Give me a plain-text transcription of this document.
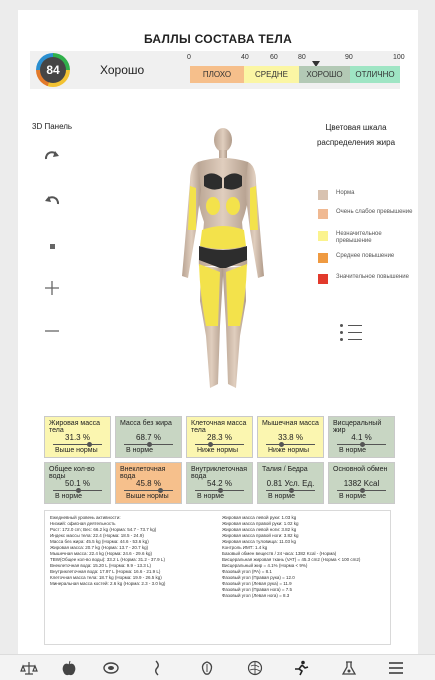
БАЛЛЫ СОСТАВА ТЕЛА
84	Хорошо
0	40	60	80	90	100
ПЛОХО	СРЕДНЕ ХОРОШО ОТЛИЧНО
3D Панель	Цветовая шкала распределения жира
Норма
Очень слабое превышение
Незначительное превышение
Среднее повышение
Значительное повышение
Жировая масса тела
31.3 %
Выше нормы
Масса без жира
68.7 %
В норме
Клеточная масса тела
28.3 %
Ниже нормы
Мышечная масса
33.8 %
Ниже нормы
Висцеральный жир
4.1 %
В норме
Общее кол-во воды
50.1 %
В норме
Внеклеточная вода
45.8 %
Выше нормы
Внутриклеточная вода
54.2 %
В норме
Талия / Бедра
0.81 Усл. Ед.
В норме
Основной обмен
1382 Kcal
В норме
Ежедневный уровень активности:
Низкий: офисная деятельность
Рост: 172.0 cm; Вес: 66.2 kg (Норма: 54.7 - 73.7 kg)
Индекс массы тела: 22.4 (Норма: 18.5 - 24.9)
Масса без жира: 45.5 kg (Норма: 44.6 - 53.6 kg)
Жировая масса: 20.7 kg (Норма: 13.7 - 20.7 kg)
Мышечная масса: 22.4 kg (Норма: 24.6 - 29.6 kg)
TBW(Общее кол-во воды): 33.2 L (Норма: 31.2 - 37.9 L)
Внеклеточная вода: 15.20 L (Норма: 9.9 - 13.3 L)
Внутриклеточная вода: 17.97 L (Норма: 16.6 - 21.9 L)
Клеточная масса тела: 18.7 kg (Норма: 19.9 - 26.5 kg)
Минеральная масса костей: 2.6 kg (Норма: 2.3 - 3.0 kg)
Жировая масса левой руки: 1.03 kg
Жировая масса правой руки: 1.02 kg
Жировая масса левой ноги: 3.82 kg
Жировая масса правой ноги: 3.82 kg
Жировая масса туловища: 11.03 kg
Контроль ИМТ: 1.4 kg
Базовый обмен веществ / 24 часа: 1382 Kcal - (Норма)
Висцеральная жировая ткань (VAT) = 45.3 cm2 (Норма < 100 cm2)
Висцеральный жир = 4.1% (Норма < 9%)
Фазовый угол (PA) = 8.1
Фазовый угол (Правая рука) = 12.0
Фазовый угол (Левая рука) = 11.9
Фазовый угол (Правая нога) = 7.5
Фазовый угол (Левая нога) = 8.3
